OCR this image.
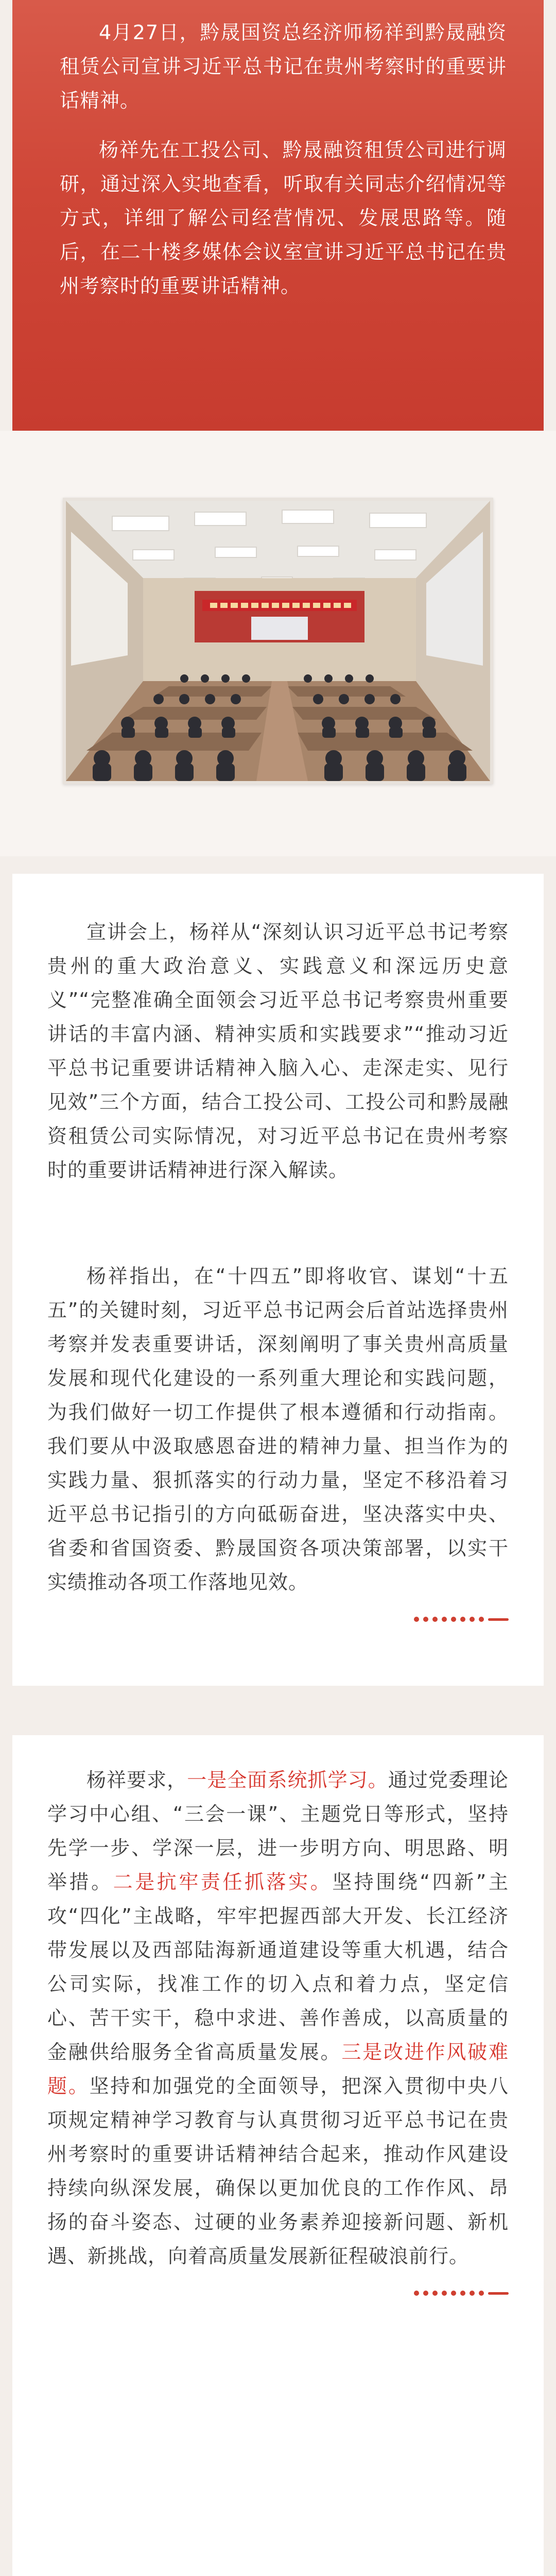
4月27日，黔晟国资总经济师杨祥到黔晟融资租赁公司宣讲习近平总书记在贵州考察时的重要讲话精神。

杨祥先在工投公司、黔晟融资租赁公司进行调研，通过深入实地查看，听取有关同志介绍情况等方式，详细了解公司经营情况、发展思路等。随后，在二十楼多媒体会议室宣讲习近平总书记在贵州考察时的重要讲话精神。

宣讲会上，杨祥从“深刻认识习近平总书记考察贵州的重大政治意义、实践意义和深远历史意义”“完整准确全面领会习近平总书记考察贵州重要讲话的丰富内涵、精神实质和实践要求”“推动习近平总书记重要讲话精神入脑入心、走深走实、见行见效”三个方面，结合工投公司、工投公司和黔晟融资租赁公司实际情况，对习近平总书记在贵州考察时的重要讲话精神进行深入解读。

杨祥指出，在“十四五”即将收官、谋划“十五五”的关键时刻，习近平总书记两会后首站选择贵州考察并发表重要讲话，深刻阐明了事关贵州高质量发展和现代化建设的一系列重大理论和实践问题，为我们做好一切工作提供了根本遵循和行动指南。我们要从中汲取感恩奋进的精神力量、担当作为的实践力量、狠抓落实的行动力量，坚定不移沿着习近平总书记指引的方向砥砺奋进，坚决落实中央、省委和省国资委、黔晟国资各项决策部署，以实干实绩推动各项工作落地见效。

杨祥要求，一是全面系统抓学习。通过党委理论学习中心组、“三会一课”、主题党日等形式，坚持先学一步、学深一层，进一步明方向、明思路、明举措。二是抗牢责任抓落实。坚持围绕“四新”主攻“四化”主战略，牢牢把握西部大开发、长江经济带发展以及西部陆海新通道建设等重大机遇，结合公司实际，找准工作的切入点和着力点，坚定信心、苦干实干，稳中求进、善作善成，以高质量的金融供给服务全省高质量发展。三是改进作风破难题。坚持和加强党的全面领导，把深入贯彻中央八项规定精神学习教育与认真贯彻习近平总书记在贵州考察时的重要讲话精神结合起来，推动作风建设持续向纵深发展，确保以更加优良的工作作风、昂扬的奋斗姿态、过硬的业务素养迎接新问题、新机遇、新挑战，向着高质量发展新征程破浪前行。
